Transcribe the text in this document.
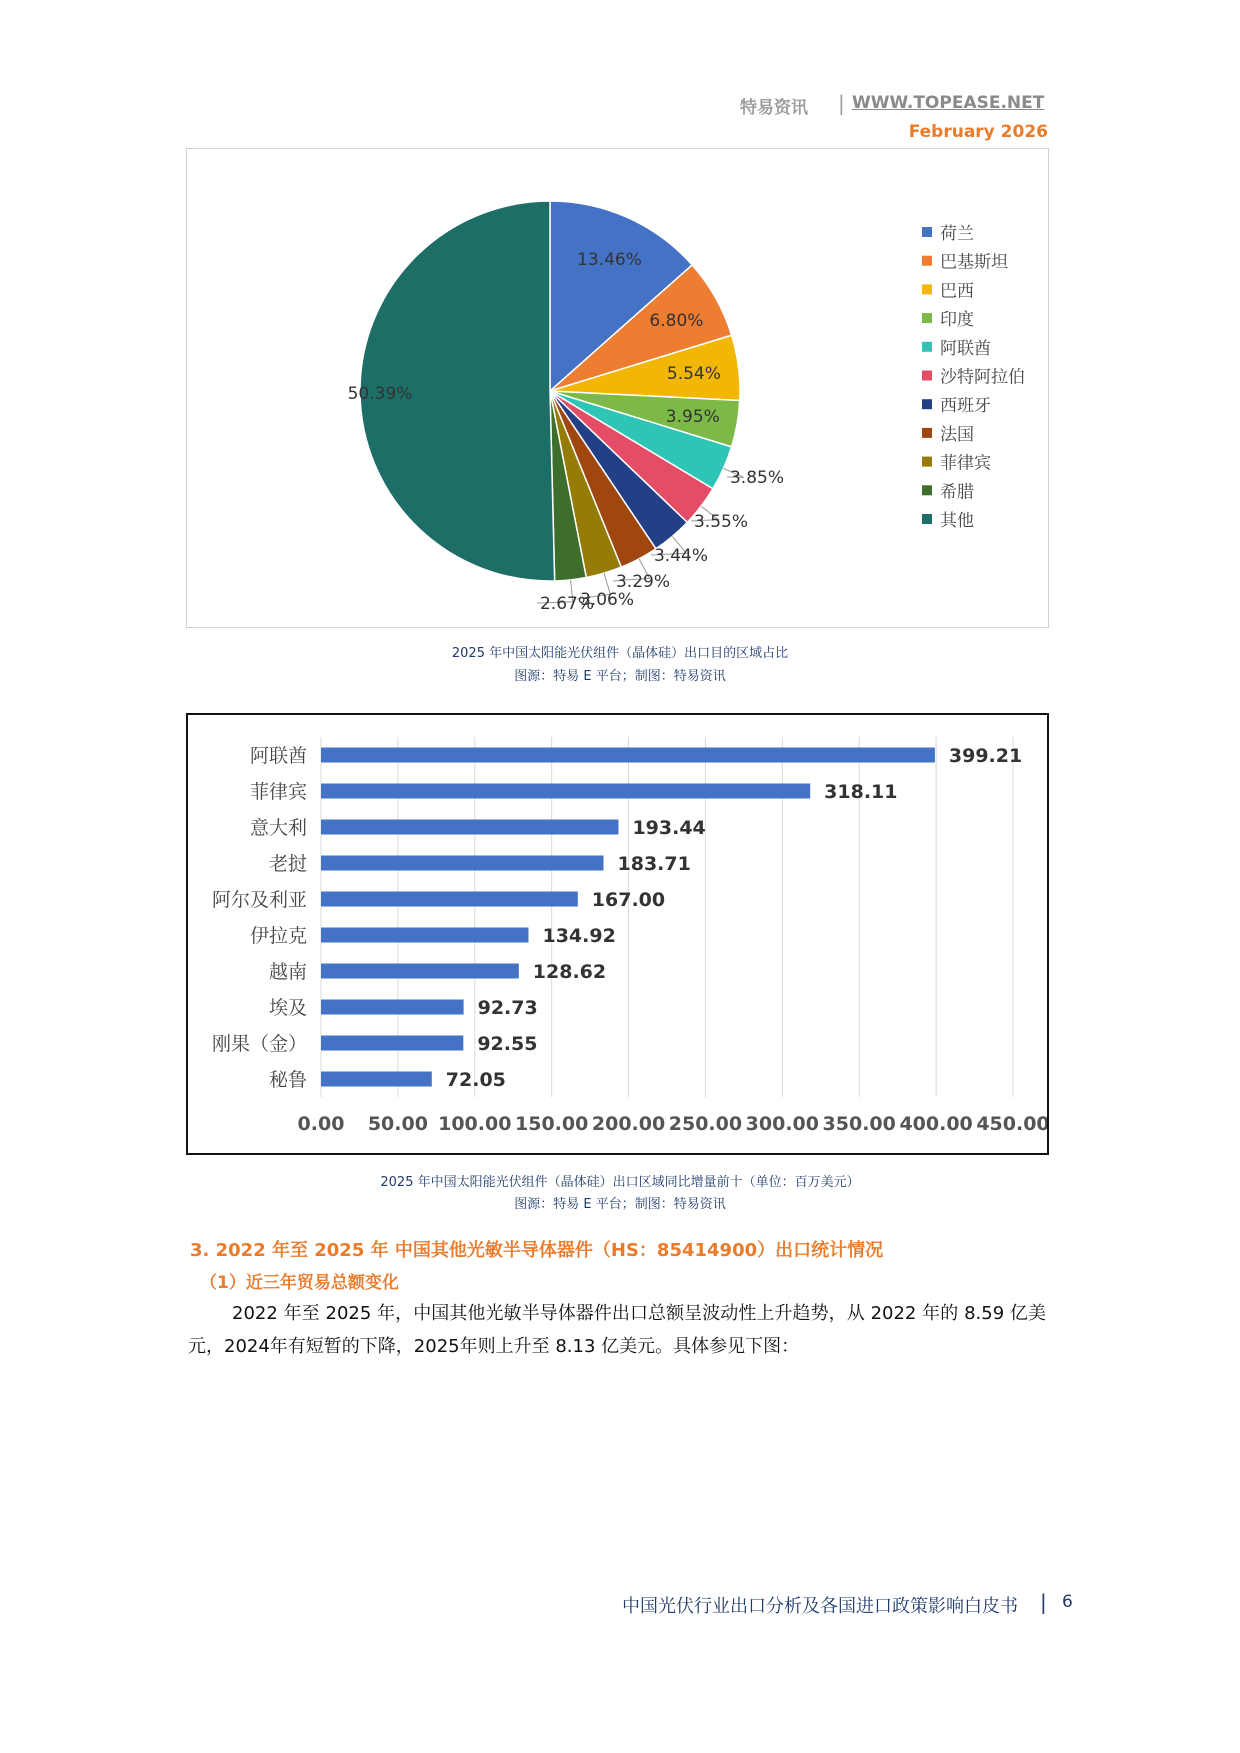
特易资讯 | WWW.TOPEASE.NET
February 2026
13.46%
6.80%
5.54%
3.95%
3.85%
3.55%
3.44%
3.29%
3.06%
2.67%
50.39%
荷兰
巴基斯坦
巴西
印度
阿联酋
沙特阿拉伯
西班牙
法国
菲律宾
希腊
其他
2025 年中国太阳能光伏组件（晶体硅）出口目的区域占比
图源：特易 E 平台；制图：特易资讯
0.00 50.00 100.00 150.00 200.00 250.00 300.00 350.00 400.00 450.00
阿联酋	399.21
菲律宾	318.11
意大利	193.44
老挝	183.71
阿尔及利亚	167.00
伊拉克	134.92
越南	128.62
埃及	92.73
刚果（金）	92.55
秘鲁	72.05
2025 年中国太阳能光伏组件（晶体硅）出口区域同比增量前十（单位：百万美元）
图源：特易 E 平台；制图：特易资讯
3. 2022 年至 2025 年 中国其他光敏半导体器件（HS：85414900）出口统计情况
（1）近三年贸易总额变化
2022 年至 2025 年，中国其他光敏半导体器件出口总额呈波动性上升趋势，从 2022 年的 8.59 亿美元，2024年有短暂的下降，2025年则上升至 8.13 亿美元。具体参见下图：
中国光伏行业出口分析及各国进口政策影响白皮书 | 6
